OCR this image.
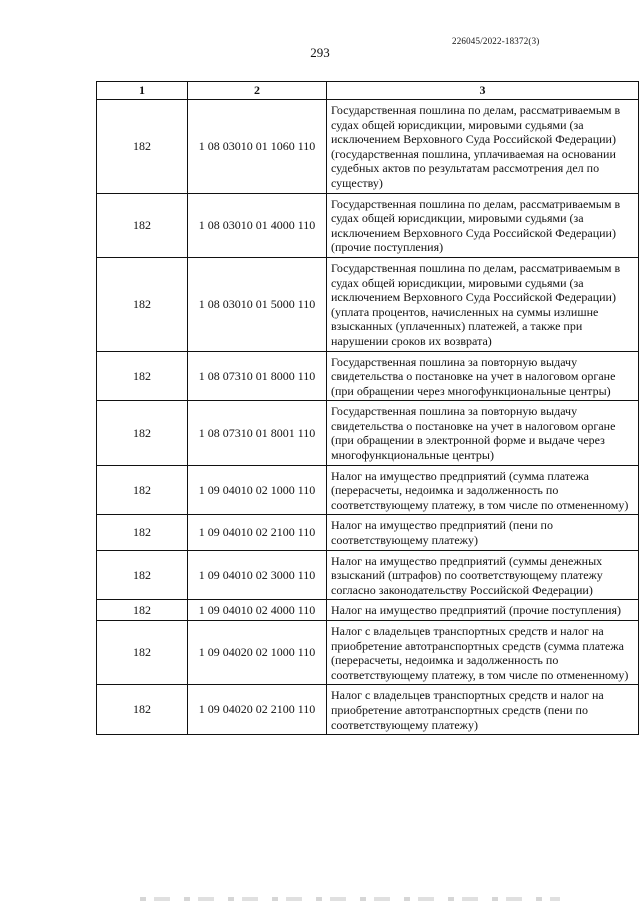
226045/2022-18372(3)
293
1	2	3
182	1 08 03010 01 1060 110	Государственная пошлина по делам, рассматриваемым в судах общей юрисдикции, мировыми судьями (за исключением Верховного Суда Российской Федерации) (государственная пошлина, уплачиваемая на основании судебных актов по результатам рассмотрения дел по существу)
182	1 08 03010 01 4000 110	Государственная пошлина по делам, рассматриваемым в судах общей юрисдикции, мировыми судьями (за исключением Верховного Суда Российской Федерации) (прочие поступления)
182	1 08 03010 01 5000 110	Государственная пошлина по делам, рассматриваемым в судах общей юрисдикции, мировыми судьями (за исключением Верховного Суда Российской Федерации) (уплата процентов, начисленных на суммы излишне взысканных (уплаченных) платежей, а также при нарушении сроков их возврата)
182	1 08 07310 01 8000 110	Государственная пошлина за повторную выдачу свидетельства о постановке на учет в налоговом органе (при обращении через многофункциональные центры)
182	1 08 07310 01 8001 110	Государственная пошлина за повторную выдачу свидетельства о постановке на учет в налоговом органе (при обращении в электронной форме и выдаче через многофункциональные центры)
182	1 09 04010 02 1000 110	Налог на имущество предприятий (сумма платежа (перерасчеты, недоимка и задолженность по соответствующему платежу, в том числе по отмененному)
182	1 09 04010 02 2100 110	Налог на имущество предприятий (пени по соответствующему платежу)
182	1 09 04010 02 3000 110	Налог на имущество предприятий (суммы денежных взысканий (штрафов) по соответствующему платежу согласно законодательству Российской Федерации)
182	1 09 04010 02 4000 110	Налог на имущество предприятий (прочие поступления)
182	1 09 04020 02 1000 110	Налог с владельцев транспортных средств и налог на приобретение автотранспортных средств (сумма платежа (перерасчеты, недоимка и задолженность по соответствующему платежу, в том числе по отмененному)
182	1 09 04020 02 2100 110	Налог с владельцев транспортных средств и налог на приобретение автотранспортных средств (пени по соответствующему платежу)
